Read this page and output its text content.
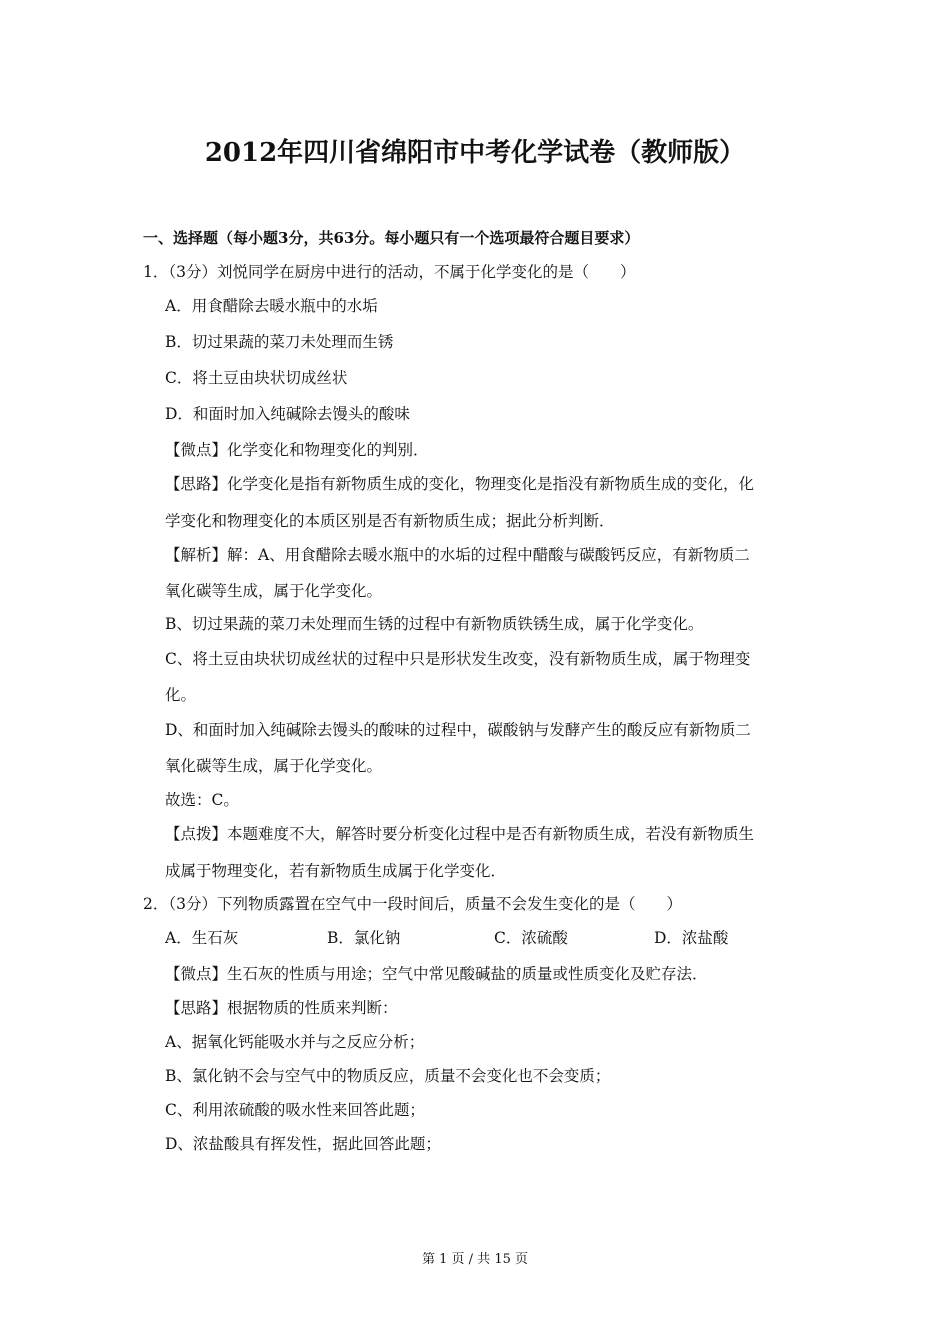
2012年四川省绵阳市中考化学试卷（教师版）
一、选择题（每小题3分，共63分。每小题只有一个选项最符合题目要求）
1．（3分）刘悦同学在厨房中进行的活动，不属于化学变化的是（　　）
A．用食醋除去暖水瓶中的水垢
B．切过果蔬的菜刀未处理而生锈
C．将土豆由块状切成丝状
D．和面时加入纯碱除去馒头的酸味
【微点】化学变化和物理变化的判别．
【思路】化学变化是指有新物质生成的变化，物理变化是指没有新物质生成的变化，化
学变化和物理变化的本质区别是否有新物质生成；据此分析判断．
【解析】解：A、用食醋除去暖水瓶中的水垢的过程中醋酸与碳酸钙反应，有新物质二
氧化碳等生成，属于化学变化。
B、切过果蔬的菜刀未处理而生锈的过程中有新物质铁锈生成，属于化学变化。
C、将土豆由块状切成丝状的过程中只是形状发生改变，没有新物质生成，属于物理变
化。
D、和面时加入纯碱除去馒头的酸味的过程中，碳酸钠与发酵产生的酸反应有新物质二
氧化碳等生成，属于化学变化。
故选：C。
【点拨】本题难度不大，解答时要分析变化过程中是否有新物质生成，若没有新物质生
成属于物理变化，若有新物质生成属于化学变化．
2．（3分）下列物质露置在空气中一段时间后，质量不会发生变化的是（　　）
A．生石灰	B．氯化钠	C．浓硫酸	D．浓盐酸
【微点】生石灰的性质与用途；空气中常见酸碱盐的质量或性质变化及贮存法．
【思路】根据物质的性质来判断：
A、据氧化钙能吸水并与之反应分析；
B、氯化钠不会与空气中的物质反应，质量不会变化也不会变质；
C、利用浓硫酸的吸水性来回答此题；
D、浓盐酸具有挥发性，据此回答此题；
第 1 页 / 共 15 页
